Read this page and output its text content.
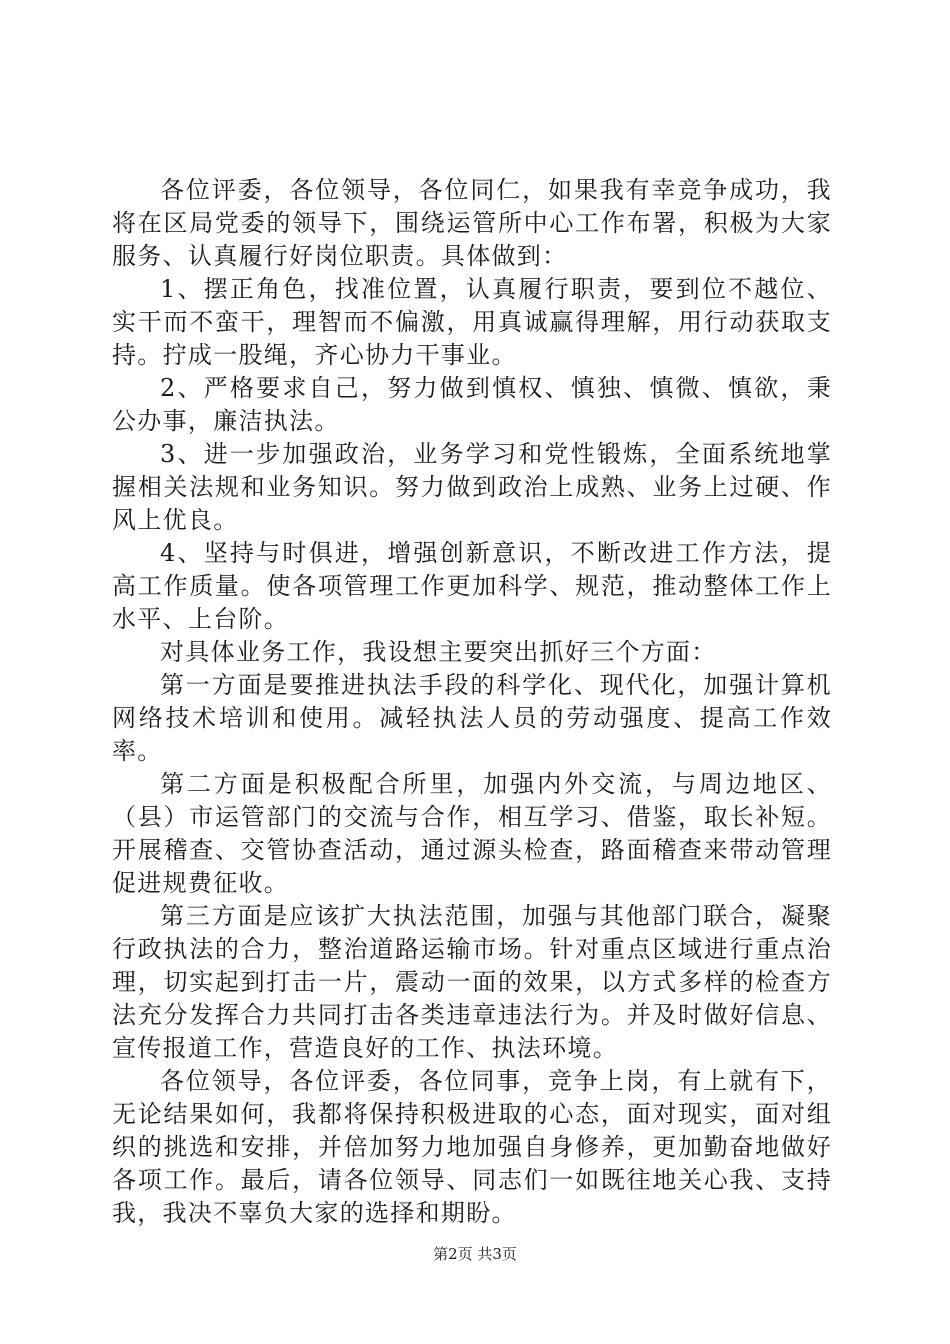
各位评委，各位领导，各位同仁，如果我有幸竞争成功，我将在区局党委的领导下，围绕运管所中心工作布署，积极为大家服务、认真履行好岗位职责。具体做到：

1、摆正角色，找准位置，认真履行职责，要到位不越位、实干而不蛮干，理智而不偏激，用真诚赢得理解，用行动获取支持。拧成一股绳，齐心协力干事业。

2、严格要求自己，努力做到慎权、慎独、慎微、慎欲，秉公办事，廉洁执法。

3、进一步加强政治，业务学习和党性锻炼，全面系统地掌握相关法规和业务知识。努力做到政治上成熟、业务上过硬、作风上优良。

4、坚持与时俱进，增强创新意识，不断改进工作方法，提高工作质量。使各项管理工作更加科学、规范，推动整体工作上水平、上台阶。

对具体业务工作，我设想主要突出抓好三个方面：

第一方面是要推进执法手段的科学化、现代化，加强计算机网络技术培训和使用。减轻执法人员的劳动强度、提高工作效率。

第二方面是积极配合所里，加强内外交流，与周边地区、（县）市运管部门的交流与合作，相互学习、借鉴，取长补短。开展稽查、交管协查活动，通过源头检查，路面稽查来带动管理促进规费征收。

第三方面是应该扩大执法范围，加强与其他部门联合，凝聚行政执法的合力，整治道路运输市场。针对重点区域进行重点治理，切实起到打击一片，震动一面的效果，以方式多样的检查方法充分发挥合力共同打击各类违章违法行为。并及时做好信息、宣传报道工作，营造良好的工作、执法环境。

各位领导，各位评委，各位同事，竞争上岗，有上就有下，无论结果如何，我都将保持积极进取的心态，面对现实，面对组织的挑选和安排，并倍加努力地加强自身修养，更加勤奋地做好各项工作。最后，请各位领导、同志们一如既往地关心我、支持我，我决不辜负大家的选择和期盼。

第2页 共3页
